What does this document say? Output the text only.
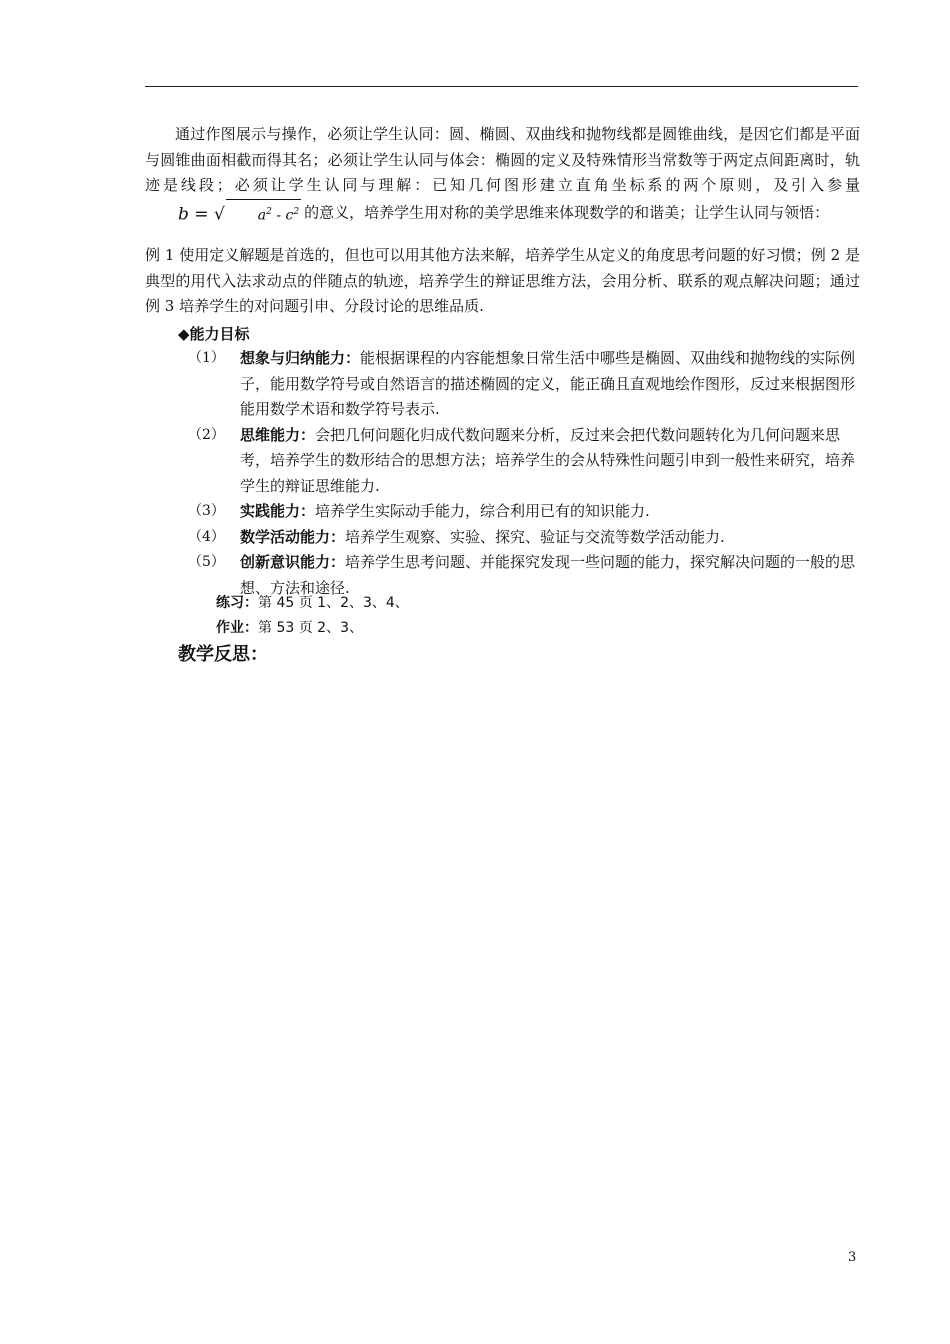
通过作图展示与操作，必须让学生认同：圆、椭圆、双曲线和抛物线都是圆锥曲线，是因它们都是平面与圆锥曲面相截而得其名；必须让学生认同与体会：椭圆的定义及特殊情形当常数等于两定点间距离时，轨迹是线段；必须让学生认同与理解：已知几何图形建立直角坐标系的两个原则，及引入参量b = √ $a^2 - c^2$ 的意义，培养学生用对称的美学思维来体现数学的和谐美；让学生认同与领悟：

例 1 使用定义解题是首选的，但也可以用其他方法来解，培养学生从定义的角度思考问题的好习惯；例 2 是典型的用代入法求动点的伴随点的轨迹，培养学生的辩证思维方法，会用分析、联系的观点解决问题；通过例 3 培养学生的对问题引申、分段讨论的思维品质.

◆能力目标
（1） 想象与归纳能力：能根据课程的内容能想象日常生活中哪些是椭圆、双曲线和抛物线的实际例子，能用数学符号或自然语言的描述椭圆的定义，能正确且直观地绘作图形，反过来根据图形能用数学术语和数学符号表示.
（2） 思维能力：会把几何问题化归成代数问题来分析，反过来会把代数问题转化为几何问题来思考，培养学生的数形结合的思想方法；培养学生的会从特殊性问题引申到一般性来研究，培养学生的辩证思维能力.
（3） 实践能力：培养学生实际动手能力，综合利用已有的知识能力.
（4） 数学活动能力：培养学生观察、实验、探究、验证与交流等数学活动能力.
（5） 创新意识能力：培养学生思考问题、并能探究发现一些问题的能力，探究解决问题的一般的思想、方法和途径.
练习：第 45 页 1、2、3、4、
作业：第 53 页 2、3、
教学反思：
3
